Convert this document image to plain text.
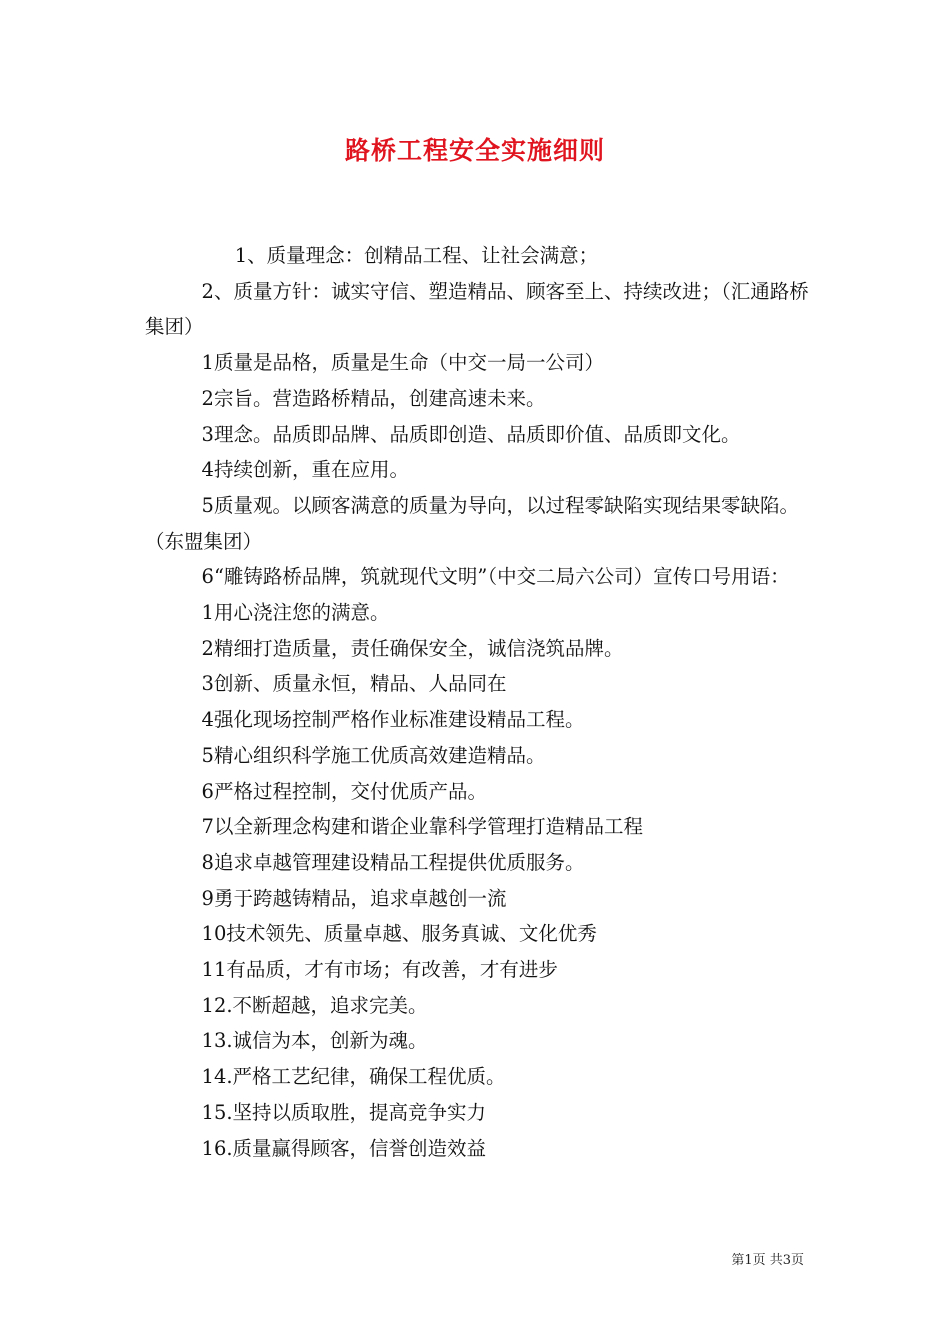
路桥工程安全实施细则

1、质量理念：创精品工程、让社会满意；

2、质量方针：诚实守信、塑造精品、顾客至上、持续改进；（汇通路桥集团）

1质量是品格，质量是生命（中交一局一公司）

2宗旨。营造路桥精品，创建高速未来。

3理念。品质即品牌、品质即创造、品质即价值、品质即文化。

4持续创新，重在应用。

5质量观。以顾客满意的质量为导向，以过程零缺陷实现结果零缺陷。（东盟集团）

6“雕铸路桥品牌，筑就现代文明”（中交二局六公司）宣传口号用语：

1用心浇注您的满意。

2精细打造质量，责任确保安全，诚信浇筑品牌。

3创新、质量永恒，精品、人品同在

4强化现场控制严格作业标准建设精品工程。

5精心组织科学施工优质高效建造精品。

6严格过程控制，交付优质产品。

7以全新理念构建和谐企业靠科学管理打造精品工程

8追求卓越管理建设精品工程提供优质服务。

9勇于跨越铸精品，追求卓越创一流

10技术领先、质量卓越、服务真诚、文化优秀

11有品质，才有市场；有改善，才有进步

12.不断超越，追求完美。

13.诚信为本，创新为魂。

14.严格工艺纪律，确保工程优质。

15.坚持以质取胜，提高竞争实力

16.质量赢得顾客，信誉创造效益

第1页 共3页
